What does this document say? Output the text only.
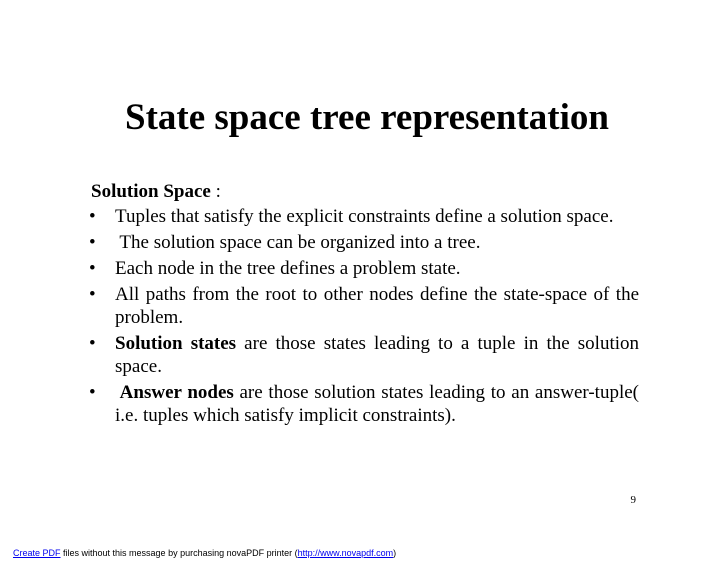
State space tree representation
Solution Space :
• Tuples that satisfy the explicit constraints define a solution space.
• The solution space can be organized into a tree.
• Each node in the tree defines a problem state.
• All paths from the root to other nodes define the state-space of the problem.
• Solution states are those states leading to a tuple in the solution space.
• Answer nodes are those solution states leading to an answer-tuple( i.e. tuples which satisfy implicit constraints).
9
Create PDF files without this message by purchasing novaPDF printer (http://www.novapdf.com)
